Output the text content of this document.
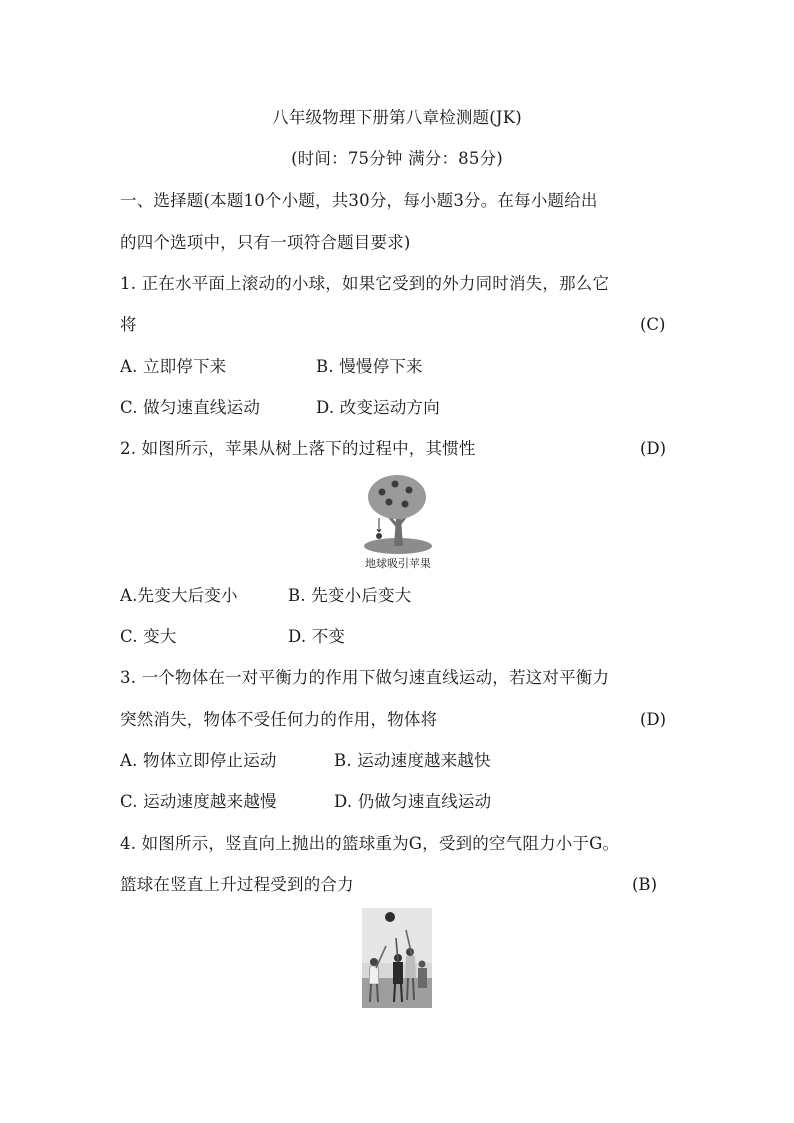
八年级物理下册第八章检测题(JK)
(时间：75分钟 满分：85分)
一、选择题(本题10个小题，共30分，每小题3分。在每小题给出
的四个选项中，只有一项符合题目要求)
1. 正在水平面上滚动的小球，如果它受到的外力同时消失，那么它
将	(C)
A. 立即停下来	B. 慢慢停下来
C. 做匀速直线运动	D. 改变运动方向
2. 如图所示，苹果从树上落下的过程中，其惯性	(D)
地球吸引苹果
A.先变大后变小	B. 先变小后变大
C. 变大	D. 不变
3. 一个物体在一对平衡力的作用下做匀速直线运动，若这对平衡力
突然消失，物体不受任何力的作用，物体将	(D)
A. 物体立即停止运动	B. 运动速度越来越快
C. 运动速度越来越慢	D. 仍做匀速直线运动
4. 如图所示，竖直向上抛出的篮球重为G，受到的空气阻力小于G。
篮球在竖直上升过程受到的合力	(B)
